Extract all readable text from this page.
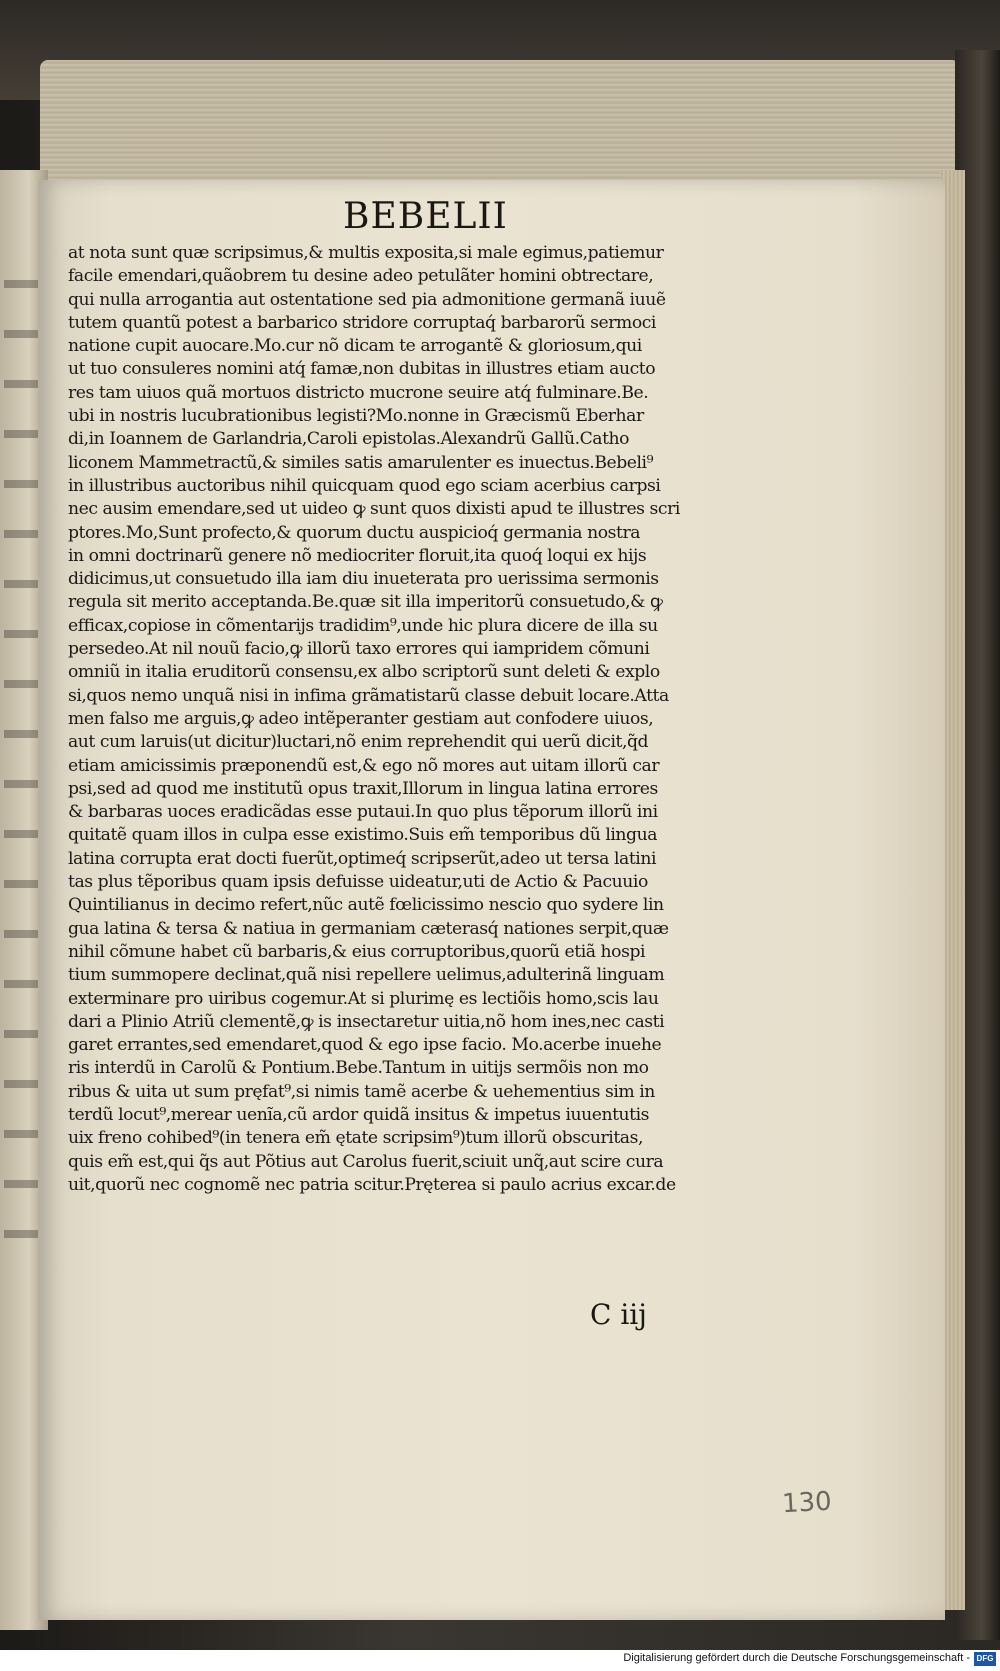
BEBELII
at nota sunt quæ scripsimus,& multis exposita,si male egimus,patiemur
facile emendari,quãobrem tu desine adeo petulãter homini obtrectare,
qui nulla arrogantia aut ostentatione sed pia admonitione germanã iuuẽ
tutem quantũ potest a barbarico stridore corruptaq́ barbarorũ sermoci
natione cupit auocare.Mo.cur nõ dicam te arrogantẽ & gloriosum,qui
ut tuo consuleres nomini atq́ famæ,non dubitas in illustres etiam aucto
res tam uiuos quã mortuos districto mucrone seuire atq́ fulminare.Be.
ubi in nostris lucubrationibus legisti?Mo.nonne in Græcismũ Eberhar
di,in Ioannem de Garlandria,Caroli epistolas.Alexandrũ Gallũ.Catho
liconem Mammetractũ,& similes satis amarulenter es inuectus.Bebeli⁹
in illustribus auctoribus nihil quicquam quod ego sciam acerbius carpsi
nec ausim emendare,sed ut uideo ꝙ sunt quos dixisti apud te illustres scri
ptores.Mo,Sunt profecto,& quorum ductu auspicioq́ germania nostra
in omni doctrinarũ genere nõ mediocriter floruit,ita quoq́ loqui ex hijs
didicimus,ut consuetudo illa iam diu inueterata pro uerissima sermonis
regula sit merito acceptanda.Be.quæ sit illa imperitorũ consuetudo,& ꝙ
efficax,copiose in cõmentarijs tradidim⁹,unde hic plura dicere de illa su
persedeo.At nil nouũ facio,ꝙ illorũ taxo errores qui iampridem cõmuni
omniũ in italia eruditorũ consensu,ex albo scriptorũ sunt deleti & explo
si,quos nemo unquã nisi in infima grãmatistarũ classe debuit locare.Atta
men falso me arguis,ꝙ adeo intẽperanter gestiam aut confodere uiuos,
aut cum laruis(ut dicitur)luctari,nõ enim reprehendit qui uerũ dicit,q̃d
etiam amicissimis præponendũ est,& ego nõ mores aut uitam illorũ car
psi,sed ad quod me institutũ opus traxit,Illorum in lingua latina errores
& barbaras uoces eradicãdas esse putaui.In quo plus tẽporum illorũ ini
quitatẽ quam illos in culpa esse existimo.Suis em̃ temporibus dũ lingua
latina corrupta erat docti fuerũt,optimeq́ scripserũt,adeo ut tersa latini
tas plus tẽporibus quam ipsis defuisse uideatur,uti de Actio & Pacuuio
Quintilianus in decimo refert,nũc autẽ fœlicissimo nescio quo sydere lin
gua latina & tersa & natiua in germaniam cæterasq́ nationes serpit,quæ
nihil cõmune habet cũ barbaris,& eius corruptoribus,quorũ etiã hospi
tium summopere declinat,quã nisi repellere uelimus,adulterinã linguam
exterminare pro uiribus cogemur.At si plurimę es lectiõis homo,scis lau
dari a Plinio Atriũ clementẽ,ꝙ is insectaretur uitia,nõ hom ines,nec casti
garet errantes,sed emendaret,quod & ego ipse facio. Mo.acerbe inuehe
ris interdũ in Carolũ & Pontium.Bebe.Tantum in uitijs sermõis non mo
ribus & uita ut sum pręfat⁹,si nimis tamẽ acerbe & uehementius sim in
terdũ locut⁹,merear uenĩa,cũ ardor quidã insitus & impetus iuuentutis
uix freno cohibed⁹(in tenera em̃ ętate scripsim⁹)tum illorũ obscuritas,
quis em̃ est,qui q̃s aut Põtius aut Carolus fuerit,sciuit unq̃,aut scire cura
uit,quorũ nec cognomẽ nec patria scitur.Pręterea si paulo acrius excar.de
C iij
130
Digitalisierung gefördert durch die Deutsche Forschungsgemeinschaft - DFG
